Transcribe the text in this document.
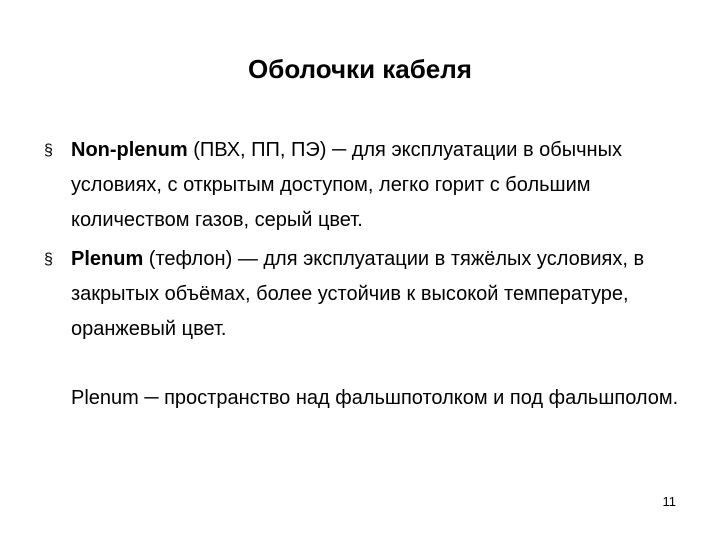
Оболочки кабеля
§ Non-plenum (ПВХ, ПП, ПЭ) ─ для эксплуатации в обычных условиях, с открытым доступом, легко горит с большим количеством газов, серый цвет.
§ Plenum (тефлон) — для эксплуатации в тяжёлых условиях, в закрытых объёмах, более устойчив к высокой температуре, оранжевый цвет.
Plenum ─ пространство над фальшпотолком и под фальшполом.
11
